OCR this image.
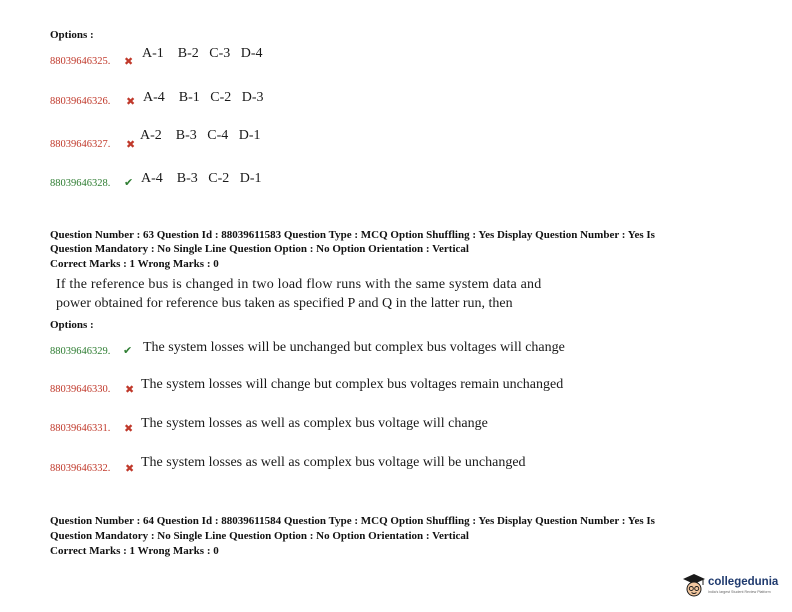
Options :
88039646325. ✖
A-1    B-2   C-3   D-4
88039646326. ✖ A-4    B-1   C-2   D-3
88039646327. ✖
A-2    B-3   C-4   D-1
88039646328. ✔ A-4    B-3   C-2   D-1
Question Number : 63 Question Id : 88039611583 Question Type : MCQ Option Shuffling : Yes Display Question Number : Yes Is
Question Mandatory : No Single Line Question Option : No Option Orientation : Vertical
Correct Marks : 1 Wrong Marks : 0
If the reference bus is changed in two load flow runs with the same system data and
power obtained for reference bus taken as specified P and Q in the latter run, then
Options :
88039646329. ✔ The system losses will be unchanged but complex bus voltages will change
88039646330. ✖ The system losses will change but complex bus voltages remain unchanged
88039646331. ✖ The system losses as well as complex bus voltage will change
88039646332. ✖ The system losses as well as complex bus voltage will be unchanged
Question Number : 64 Question Id : 88039611584 Question Type : MCQ Option Shuffling : Yes Display Question Number : Yes Is
Question Mandatory : No Single Line Question Option : No Option Orientation : Vertical
Correct Marks : 1 Wrong Marks : 0
collegedunia
India's largest Student Review Platform
